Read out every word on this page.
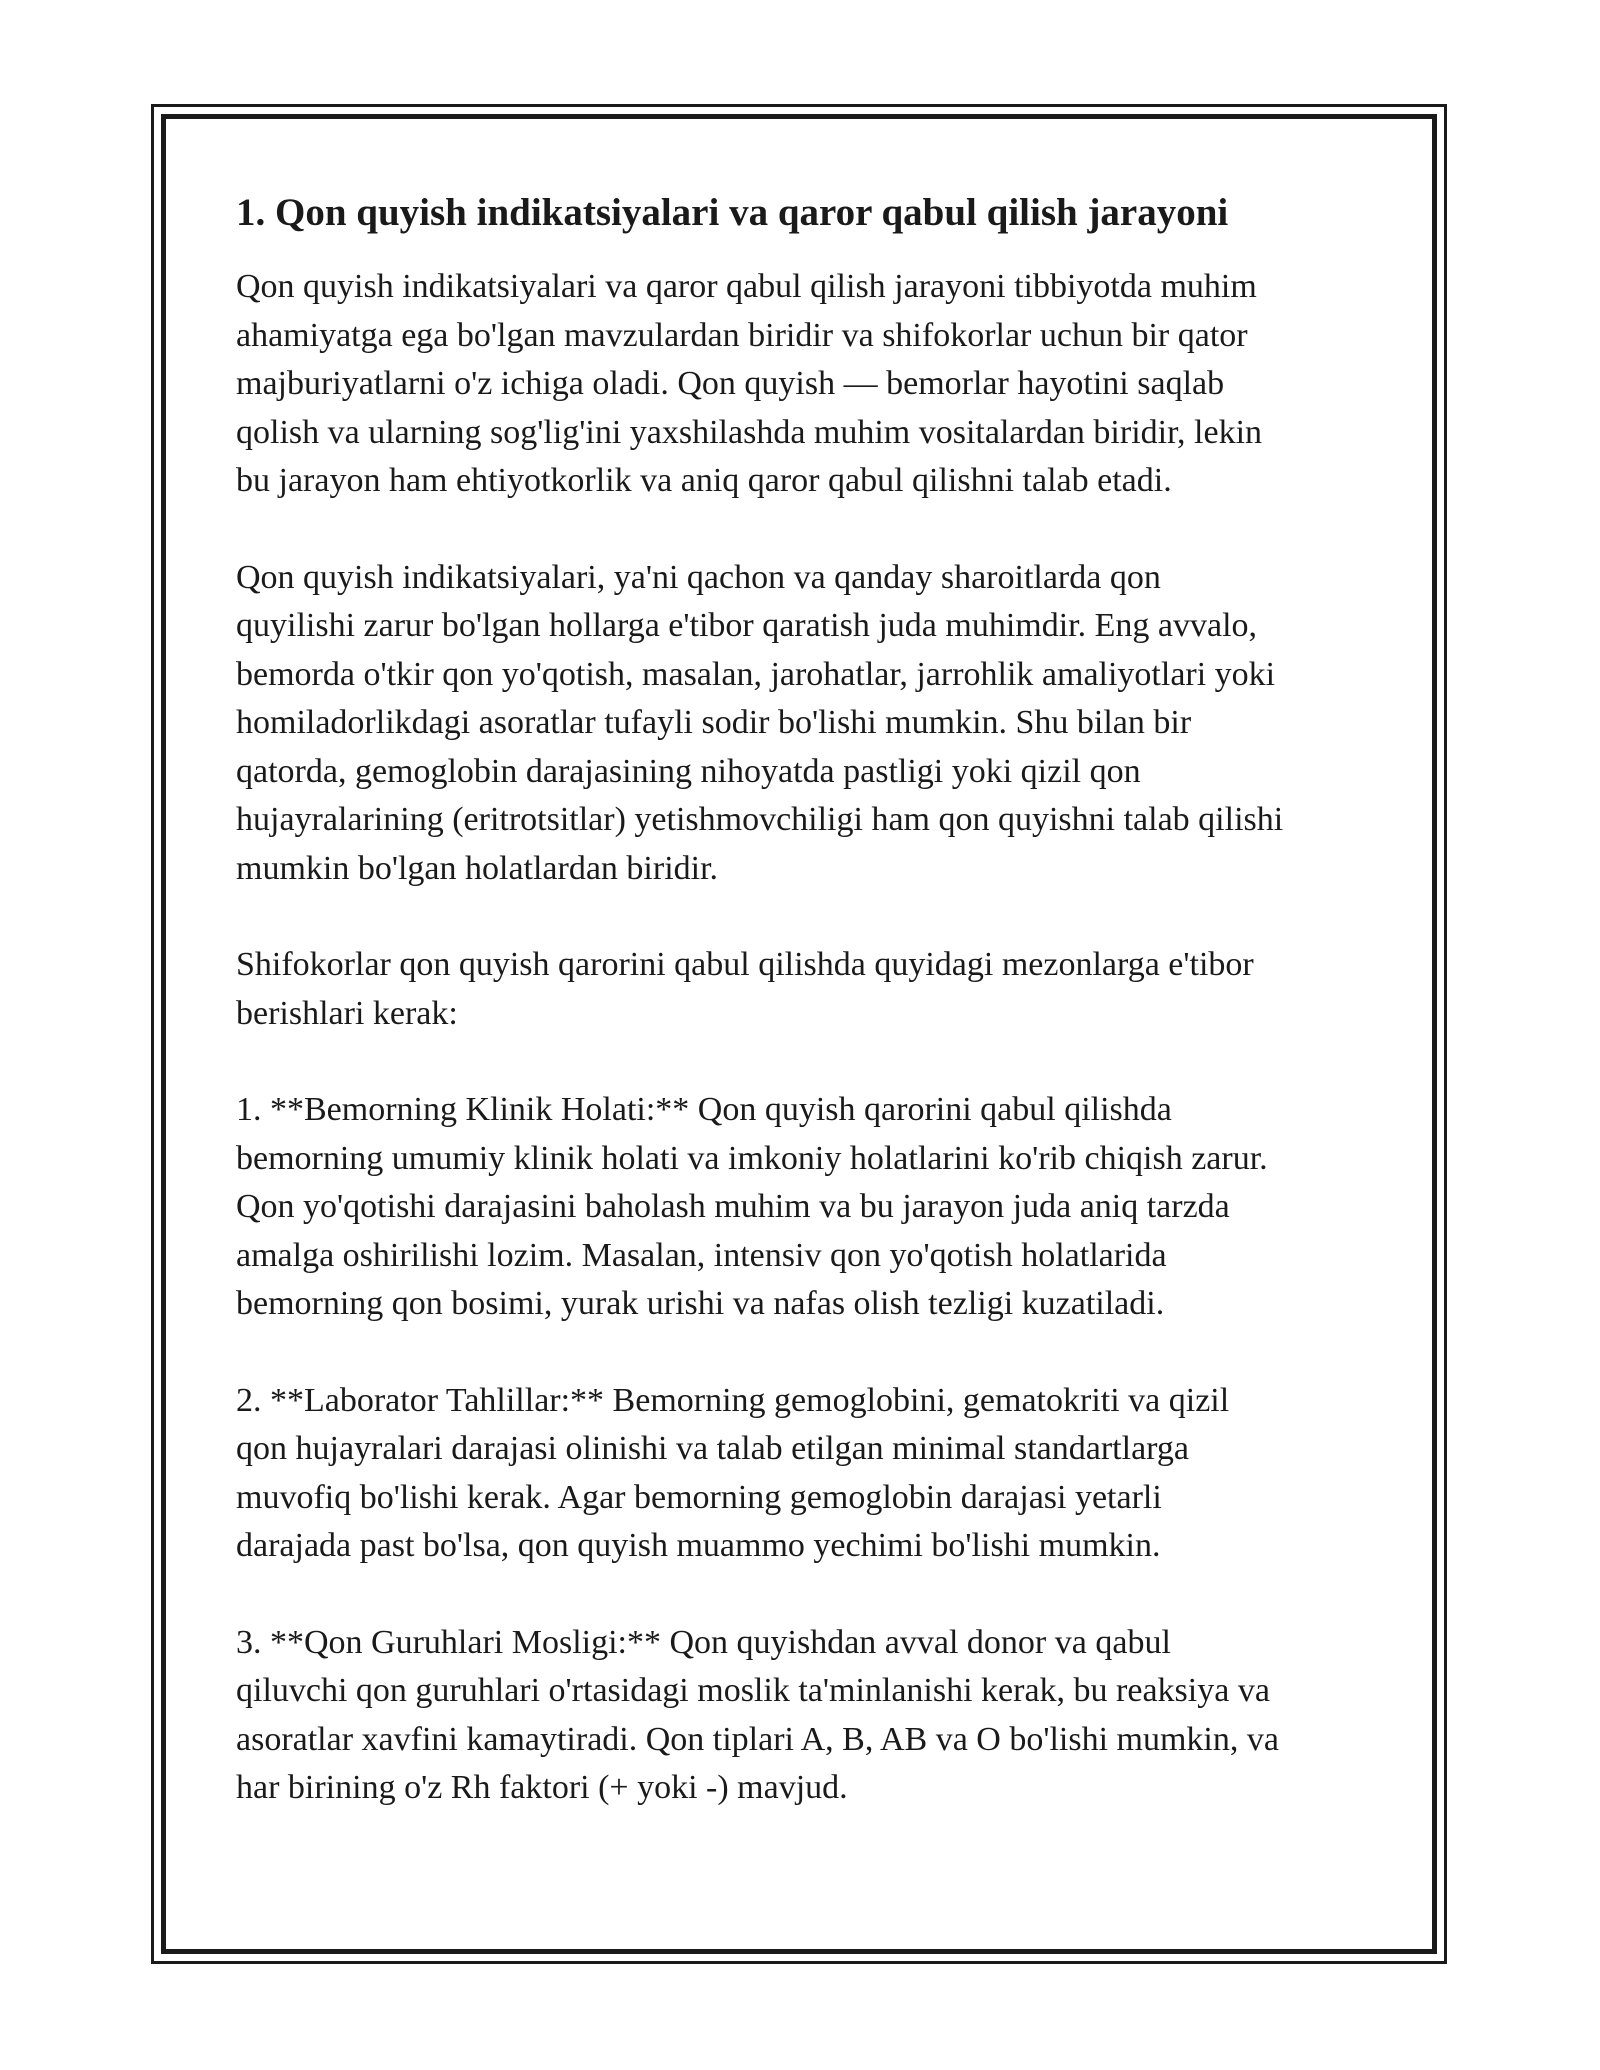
1. Qon quyish indikatsiyalari va qaror qabul qilish jarayoni

Qon quyish indikatsiyalari va qaror qabul qilish jarayoni tibbiyotda muhim
ahamiyatga ega bo'lgan mavzulardan biridir va shifokorlar uchun bir qator
majburiyatlarni o'z ichiga oladi. Qon quyish — bemorlar hayotini saqlab
qolish va ularning sog'lig'ini yaxshilashda muhim vositalardan biridir, lekin
bu jarayon ham ehtiyotkorlik va aniq qaror qabul qilishni talab etadi.

Qon quyish indikatsiyalari, ya'ni qachon va qanday sharoitlarda qon
quyilishi zarur bo'lgan hollarga e'tibor qaratish juda muhimdir. Eng avvalo,
bemorda o'tkir qon yo'qotish, masalan, jarohatlar, jarrohlik amaliyotlari yoki
homiladorlikdagi asoratlar tufayli sodir bo'lishi mumkin. Shu bilan bir
qatorda, gemoglobin darajasining nihoyatda pastligi yoki qizil qon
hujayralarining (eritrotsitlar) yetishmovchiligi ham qon quyishni talab qilishi
mumkin bo'lgan holatlardan biridir.

Shifokorlar qon quyish qarorini qabul qilishda quyidagi mezonlarga e'tibor
berishlari kerak:

1. **Bemorning Klinik Holati:** Qon quyish qarorini qabul qilishda
bemorning umumiy klinik holati va imkoniy holatlarini ko'rib chiqish zarur.
Qon yo'qotishi darajasini baholash muhim va bu jarayon juda aniq tarzda
amalga oshirilishi lozim. Masalan, intensiv qon yo'qotish holatlarida
bemorning qon bosimi, yurak urishi va nafas olish tezligi kuzatiladi.

2. **Laborator Tahlillar:** Bemorning gemoglobini, gematokriti va qizil
qon hujayralari darajasi olinishi va talab etilgan minimal standartlarga
muvofiq bo'lishi kerak. Agar bemorning gemoglobin darajasi yetarli
darajada past bo'lsa, qon quyish muammo yechimi bo'lishi mumkin.

3. **Qon Guruhlari Mosligi:** Qon quyishdan avval donor va qabul
qiluvchi qon guruhlari o'rtasidagi moslik ta'minlanishi kerak, bu reaksiya va
asoratlar xavfini kamaytiradi. Qon tiplari A, B, AB va O bo'lishi mumkin, va
har birining o'z Rh faktori (+ yoki -) mavjud.
